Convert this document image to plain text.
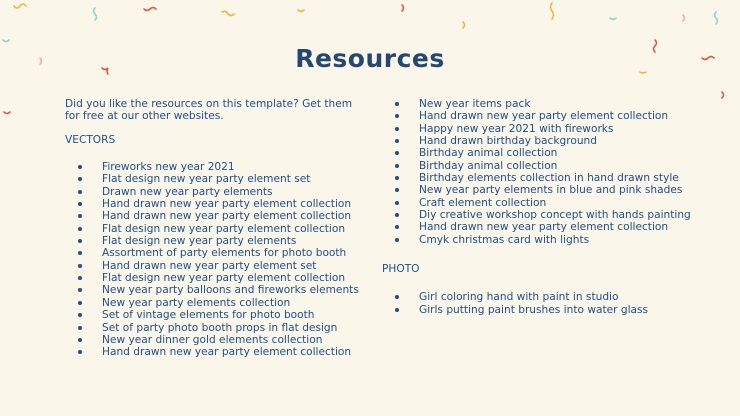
Resources
Did you like the resources on this template? Get them for free at our other websites.
VECTORS
Fireworks new year 2021
Flat design new year party element set
Drawn new year party elements
Hand drawn new year party element collection
Hand drawn new year party element collection
Flat design new year party element collection
Flat design new year party elements
Assortment of party elements for photo booth
Hand drawn new year party element set
Flat design new year party element collection
New year party balloons and fireworks elements
New year party elements collection
Set of vintage elements for photo booth
Set of party photo booth props in flat design
New year dinner gold elements collection
Hand drawn new year party element collection
New year items pack
Hand drawn new year party element collection
Happy new year 2021 with fireworks
Hand drawn birthday background
Birthday animal collection
Birthday animal collection
Birthday elements collection in hand drawn style
New year party elements in blue and pink shades
Craft element collection
Diy creative workshop concept with hands painting
Hand drawn new year party element collection
Cmyk christmas card with lights
PHOTO
Girl coloring hand with paint in studio
Girls putting paint brushes into water glass
